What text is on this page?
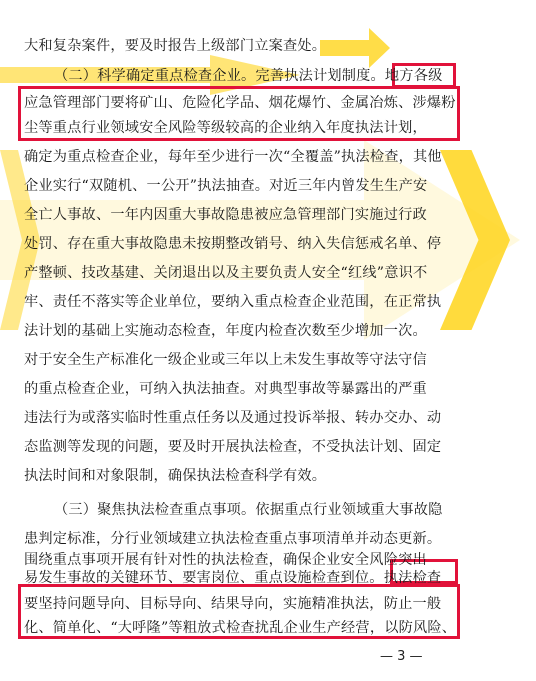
大和复杂案件，要及时报告上级部门立案查处。
（二）科学确定重点检查企业。完善执法计划制度。地方各级
应急管理部门要将矿山、危险化学品、烟花爆竹、金属冶炼、涉爆粉
尘等重点行业领域安全风险等级较高的企业纳入年度执法计划，
确定为重点检查企业，每年至少进行一次“全覆盖”执法检查，其他
企业实行“双随机、一公开”执法抽查。对近三年内曾发生生产安
全亡人事故、一年内因重大事故隐患被应急管理部门实施过行政
处罚、存在重大事故隐患未按期整改销号、纳入失信惩戒名单、停
产整顿、技改基建、关闭退出以及主要负责人安全“红线”意识不
牢、责任不落实等企业单位，要纳入重点检查企业范围，在正常执
法计划的基础上实施动态检查，年度内检查次数至少增加一次。
对于安全生产标准化一级企业或三年以上未发生事故等守法守信
的重点检查企业，可纳入执法抽查。对典型事故等暴露出的严重
违法行为或落实临时性重点任务以及通过投诉举报、转办交办、动
态监测等发现的问题，要及时开展执法检查，不受执法计划、固定
执法时间和对象限制，确保执法检查科学有效。
（三）聚焦执法检查重点事项。依据重点行业领域重大事故隐
患判定标准，分行业领域建立执法检查重点事项清单并动态更新。
围绕重点事项开展有针对性的执法检查，确保企业安全风险突出
易发生事故的关键环节、要害岗位、重点设施检查到位。执法检查
要坚持问题导向、目标导向、结果导向，实施精准执法，防止一般
化、简单化、“大呼隆”等粗放式检查扰乱企业生产经营，以防风险、
— 3 —
